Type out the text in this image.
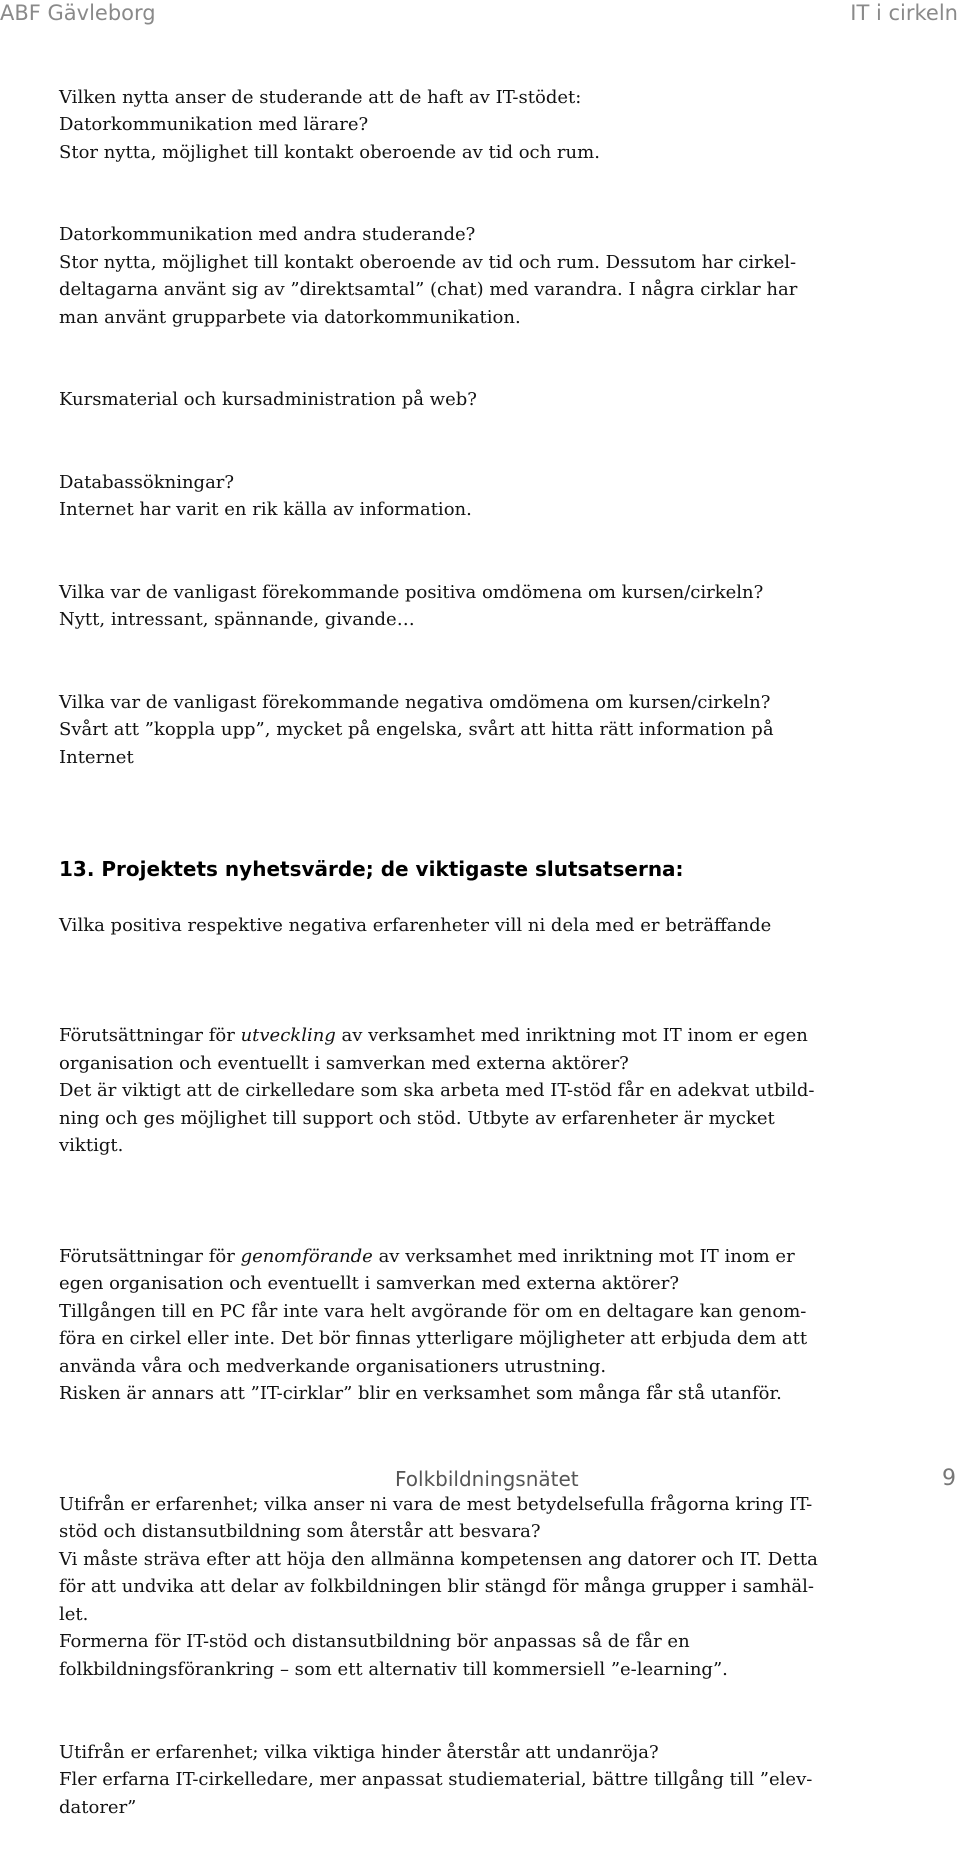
ABF Gävleborg	IT i cirkeln

Vilken nytta anser de studerande att de haft av IT-stödet:
Datorkommunikation med lärare?
Stor nytta, möjlighet till kontakt oberoende av tid och rum.

Datorkommunikation med andra studerande?
Stor nytta, möjlighet till kontakt oberoende av tid och rum. Dessutom har cirkel-
deltagarna använt sig av ”direktsamtal” (chat) med varandra. I några cirklar har
man använt grupparbete via datorkommunikation.

Kursmaterial och kursadministration på web?

Databassökningar?
Internet har varit en rik källa av information.

Vilka var de vanligast förekommande positiva omdömena om kursen/cirkeln?
Nytt, intressant, spännande, givande…

Vilka var de vanligast förekommande negativa omdömena om kursen/cirkeln?
Svårt att ”koppla upp”, mycket på engelska, svårt att hitta rätt information på
Internet

13. Projektets nyhetsvärde; de viktigaste slutsatserna:

Vilka positiva respektive negativa erfarenheter vill ni dela med er beträffande

Förutsättningar för utveckling av verksamhet med inriktning mot IT inom er egen
organisation och eventuellt i samverkan med externa aktörer?
Det är viktigt att de cirkelledare som ska arbeta med IT-stöd får en adekvat utbild-
ning och ges möjlighet till support och stöd. Utbyte av erfarenheter är mycket
viktigt.

Förutsättningar för genomförande av verksamhet med inriktning mot IT inom er
egen organisation och eventuellt i samverkan med externa aktörer?
Tillgången till en PC får inte vara helt avgörande för om en deltagare kan genom-
föra en cirkel eller inte. Det bör finnas ytterligare möjligheter att erbjuda dem att
använda våra och medverkande organisationers utrustning.
Risken är annars att ”IT-cirklar” blir en verksamhet som många får stå utanför.

Utifrån er erfarenhet; vilka anser ni vara de mest betydelsefulla frågorna kring IT-
stöd och distansutbildning som återstår att besvara?
Vi måste sträva efter att höja den allmänna kompetensen ang datorer och IT. Detta
för att undvika att delar av folkbildningen blir stängd för många grupper i samhäl-
let.
Formerna för IT-stöd och distansutbildning bör anpassas så de får en
folkbildningsförankring – som ett alternativ till kommersiell ”e-learning”.

Utifrån er erfarenhet; vilka viktiga hinder återstår att undanröja?
Fler erfarna IT-cirkelledare, mer anpassat studiematerial, bättre tillgång till ”elev-
datorer”

Folkbildningsnätet	9
